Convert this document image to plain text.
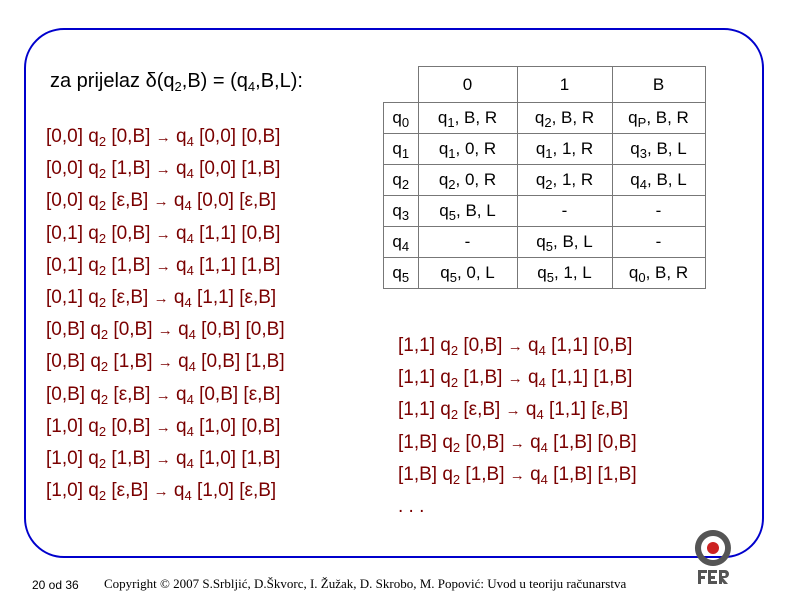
za prijelaz $\delta(q_2,B) = (q_4,B,L)$:
[0,0] $q_2$ $[0,B] \to q_4$ [0,0] [0,B]
[0,0] $q_2$ $[1,B] \to q_4$ [0,0] [1,B]
[0,0] $q_2$ $[\varepsilon,B] \to q_4$ [0,0] [ε,B]
[0,1] $q_2$ $[0,B] \to q_4$ [1,1] [0,B]
[0,1] $q_2$ $[1,B] \to q_4$ [1,1] [1,B]
[0,1] $q_2$ $[\varepsilon,B] \to q_4$ [1,1] [ε,B]
[0,B] $q_2$ $[0,B] \to q_4$ [0,B] [0,B]
[0,B] $q_2$ $[1,B] \to q_4$ [0,B] [1,B]
[0,B] $q_2$ $[\varepsilon,B] \to q_4$ [0,B] [ε,B]
[1,0] $q_2$ $[0,B] \to q_4$ [1,0] [0,B]
[1,0] $q_2$ $[1,B] \to q_4$ [1,0] [1,B]
[1,0] $q_2$ $[\varepsilon,B] \to q_4$ [1,0] [ε,B]
[1,1] $q_2$ $[0,B] \to q_4$ [1,1] [0,B]
[1,1] $q_2$ $[1,B] \to q_4$ [1,1] [1,B]
[1,1] $q_2$ $[\varepsilon,B] \to q_4$ [1,1] [ε,B]
[1,B] $q_2$ $[0,B] \to q_4$ [1,B] [0,B]
[1,B] $q_2$ $[1,B] \to q_4$ [1,B] [1,B]
. . .
	0	1	B
$q_0$	$q_1$, B, R	$q_2$, B, R	$q_P$, B, R
$q_1$	$q_1$, 0, R	$q_1$, 1, R	$q_3$, B, L
$q_2$	$q_2$, 0, R	$q_2$, 1, R	$q_4$, B, L
$q_3$	$q_5$, B, L	-	-
$q_4$	-	$q_5$, B, L	-
$q_5$	$q_5$, 0, L	$q_5$, 1, L	$q_0$, B, R
20 od 36 Copyright © 2007 S.Srbljić, D.Škvorc, I. Žužak, D. Skrobo, M. Popović: Uvod u teoriju računarstva
